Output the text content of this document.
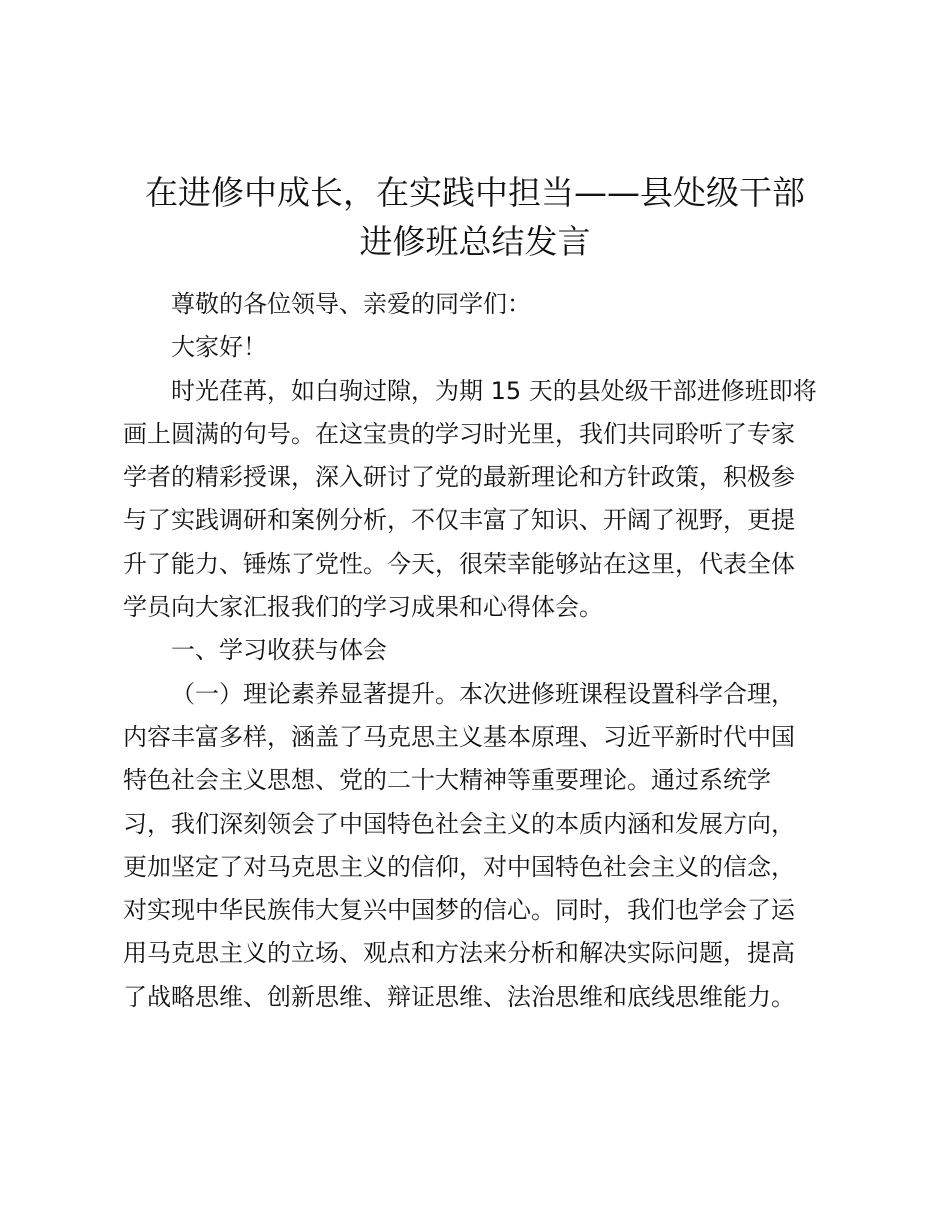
在进修中成长，在实践中担当——县处级干部
进修班总结发言
尊敬的各位领导、亲爱的同学们：
大家好！
时光荏苒，如白驹过隙，为期 15 天的县处级干部进修班即将
画上圆满的句号。在这宝贵的学习时光里，我们共同聆听了专家
学者的精彩授课，深入研讨了党的最新理论和方针政策，积极参
与了实践调研和案例分析，不仅丰富了知识、开阔了视野，更提
升了能力、锤炼了党性。今天，很荣幸能够站在这里，代表全体
学员向大家汇报我们的学习成果和心得体会。
一、学习收获与体会
（一）理论素养显著提升。本次进修班课程设置科学合理，
内容丰富多样，涵盖了马克思主义基本原理、习近平新时代中国
特色社会主义思想、党的二十大精神等重要理论。通过系统学
习，我们深刻领会了中国特色社会主义的本质内涵和发展方向，
更加坚定了对马克思主义的信仰，对中国特色社会主义的信念，
对实现中华民族伟大复兴中国梦的信心。同时，我们也学会了运
用马克思主义的立场、观点和方法来分析和解决实际问题，提高
了战略思维、创新思维、辩证思维、法治思维和底线思维能力。
